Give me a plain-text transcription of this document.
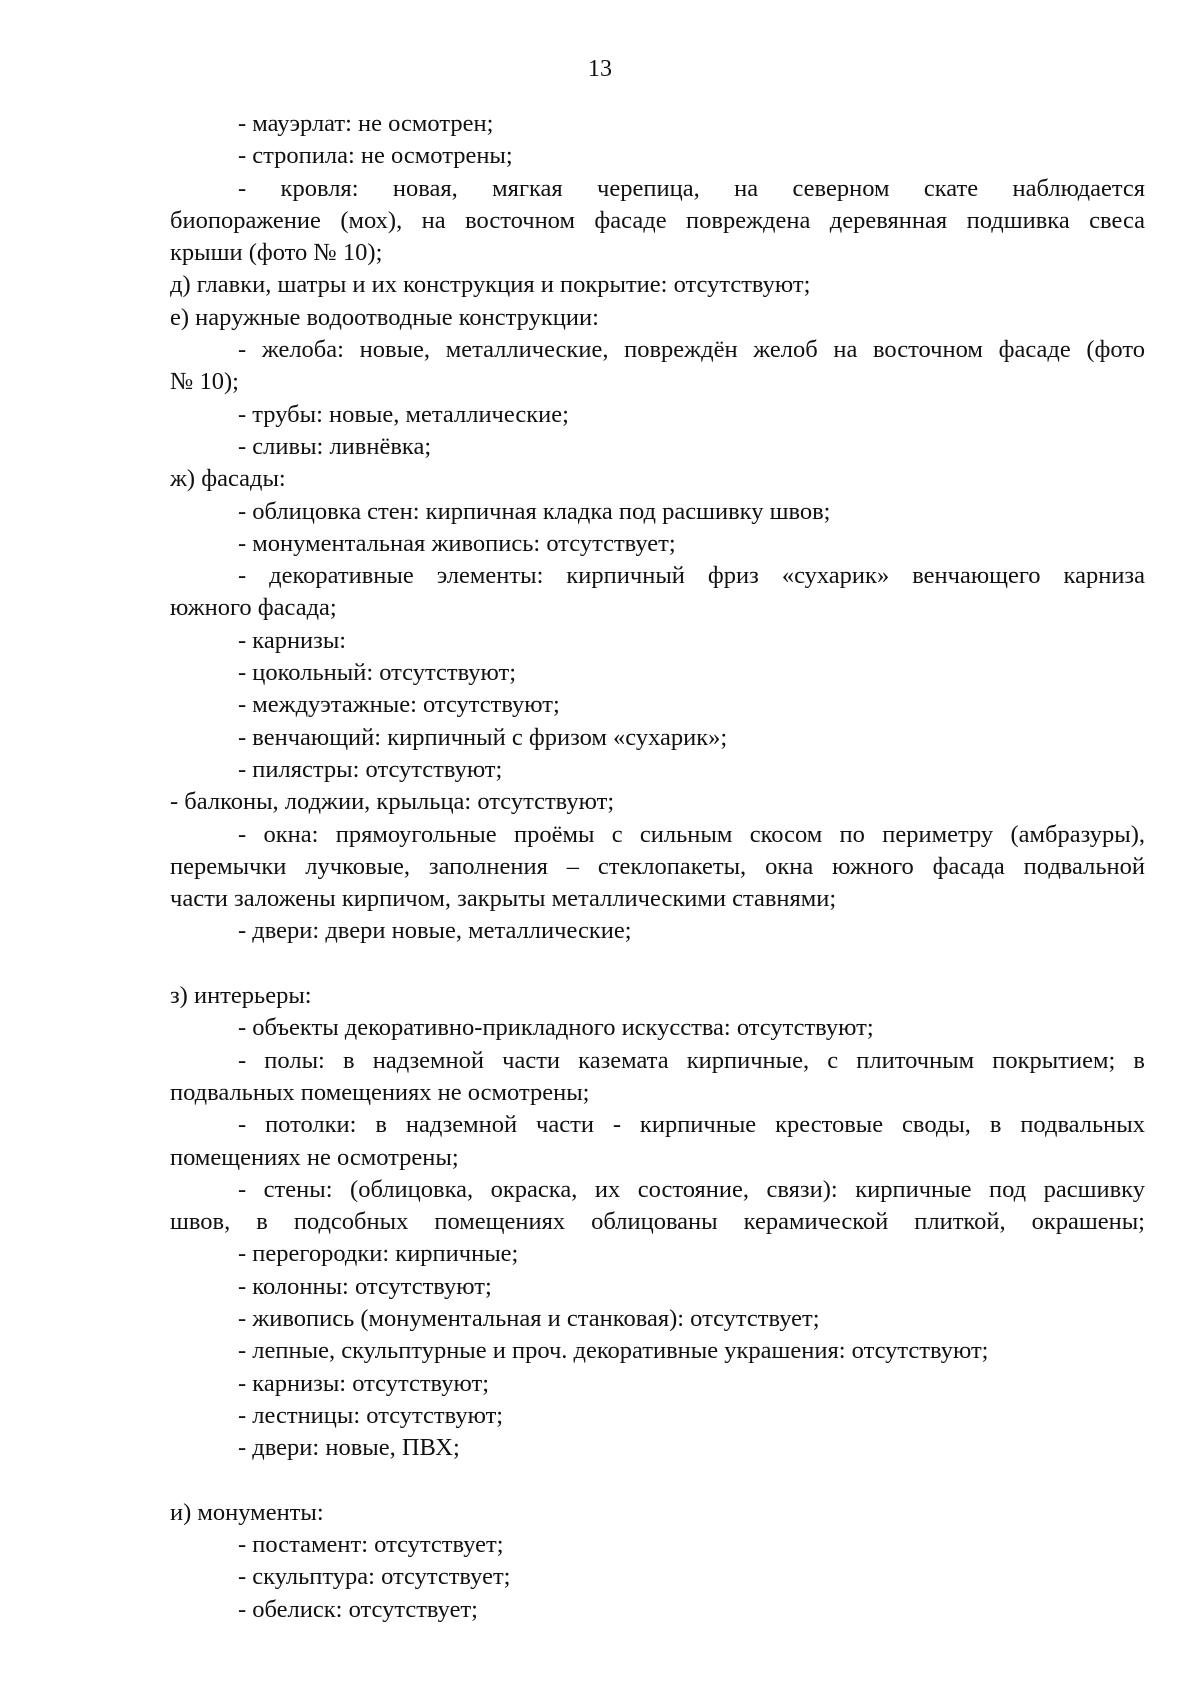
13
- мауэрлат: не осмотрен;
- стропила: не осмотрены;
- кровля: новая, мягкая черепица, на северном скате наблюдается
биопоражение (мох), на восточном фасаде повреждена деревянная подшивка свеса
крыши (фото № 10);
д) главки, шатры и их конструкция и покрытие: отсутствуют;
е) наружные водоотводные конструкции:
- желоба: новые, металлические, повреждён желоб на восточном фасаде (фото
№ 10);
- трубы: новые, металлические;
- сливы: ливнёвка;
ж) фасады:
- облицовка стен: кирпичная кладка под расшивку швов;
- монументальная живопись: отсутствует;
- декоративные элементы: кирпичный фриз «сухарик» венчающего карниза
южного фасада;
- карнизы:
- цокольный: отсутствуют;
- междуэтажные: отсутствуют;
- венчающий: кирпичный с фризом «сухарик»;
- пилястры: отсутствуют;
- балконы, лоджии, крыльца: отсутствуют;
- окна: прямоугольные проёмы с сильным скосом по периметру (амбразуры),
перемычки лучковые, заполнения – стеклопакеты, окна южного фасада подвальной
части заложены кирпичом, закрыты металлическими ставнями;
- двери: двери новые, металлические;
з) интерьеры:
- объекты декоративно-прикладного искусства: отсутствуют;
- полы: в надземной части каземата кирпичные, с плиточным покрытием; в
подвальных помещениях не осмотрены;
- потолки: в надземной части - кирпичные крестовые своды, в подвальных
помещениях не осмотрены;
- стены: (облицовка, окраска, их состояние, связи): кирпичные под расшивку
швов, в подсобных помещениях облицованы керамической плиткой, окрашены;
- перегородки: кирпичные;
- колонны: отсутствуют;
- живопись (монументальная и станковая): отсутствует;
- лепные, скульптурные и проч. декоративные украшения: отсутствуют;
- карнизы: отсутствуют;
- лестницы: отсутствуют;
- двери: новые, ПВХ;
и) монументы:
- постамент: отсутствует;
- скульптура: отсутствует;
- обелиск: отсутствует;
